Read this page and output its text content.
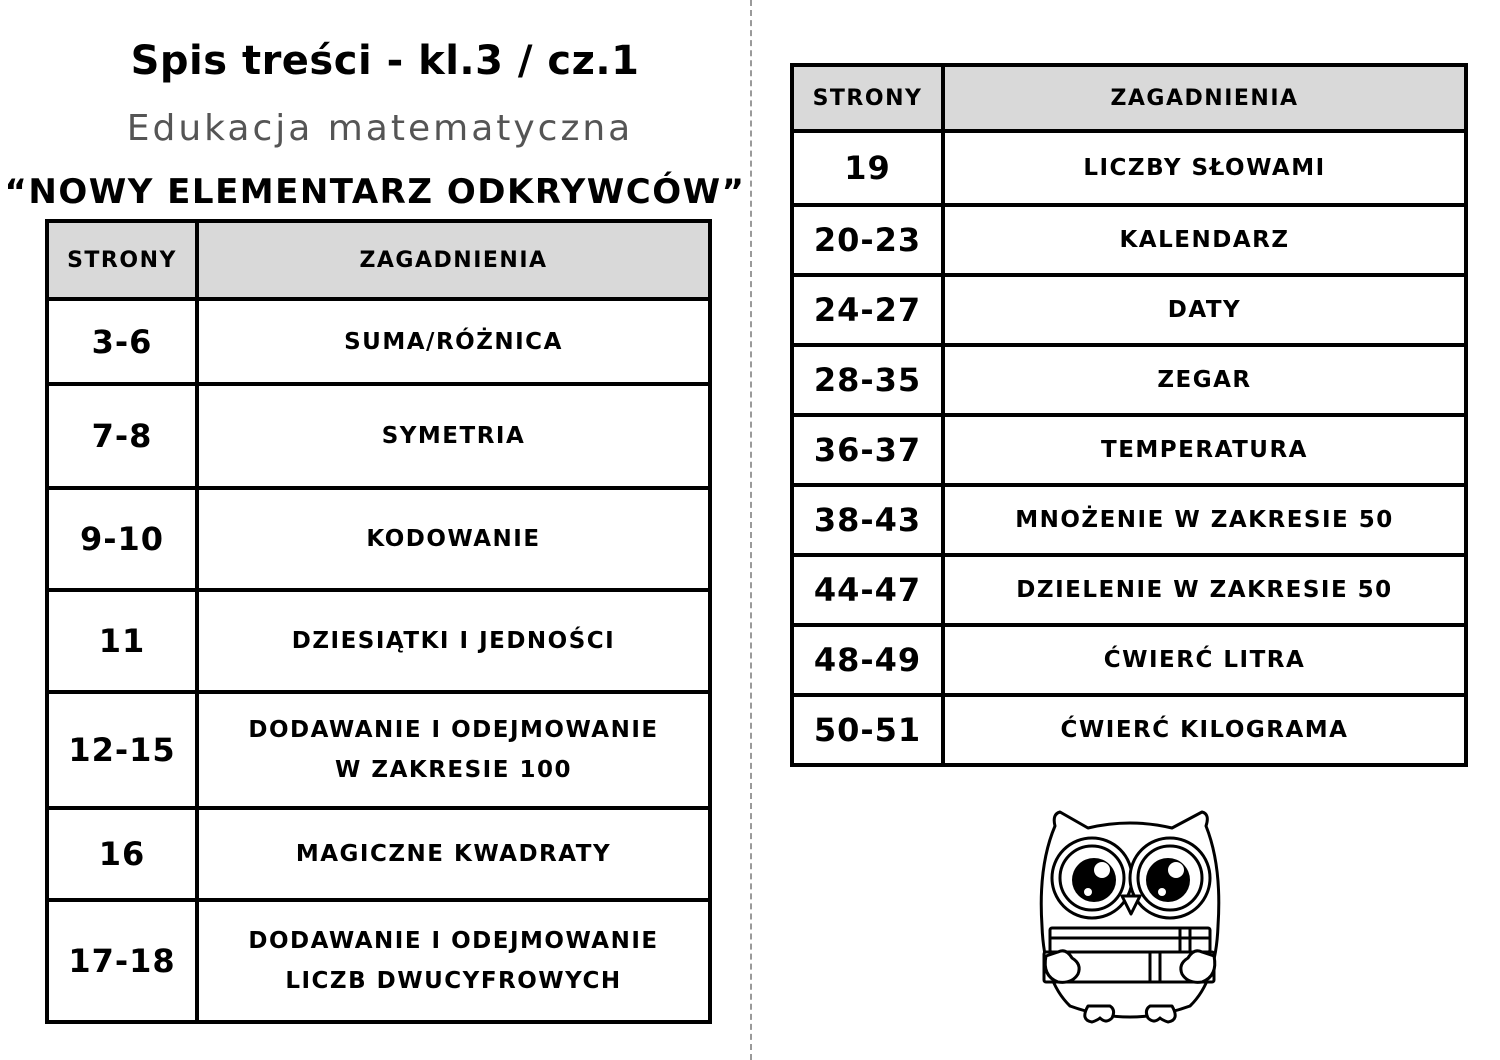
Spis treści - kl.3 / cz.1
Edukacja matematyczna
“NOWY ELEMENTARZ ODKRYWCÓW”
STRONY	ZAGADNIENIA
3-6	SUMA/RÓŻNICA
7-8	SYMETRIA
9-10	KODOWANIE
11	DZIESIĄTKI I JEDNOŚCI
12-15	DODAWANIE I ODEJMOWANIE
W ZAKRESIE 100

16	MAGICZNE KWADRATY
17-18	DODAWANIE I ODEJMOWANIE
LICZB DWUCYFROWYCH
STRONY	ZAGADNIENIA
19	LICZBY SŁOWAMI
20-23	KALENDARZ
24-27	DATY
28-35	ZEGAR
36-37	TEMPERATURA
38-43	MNOŻENIE W ZAKRESIE 50
44-47	DZIELENIE W ZAKRESIE 50
48-49	ĆWIERĆ LITRA
50-51	ĆWIERĆ KILOGRAMA
